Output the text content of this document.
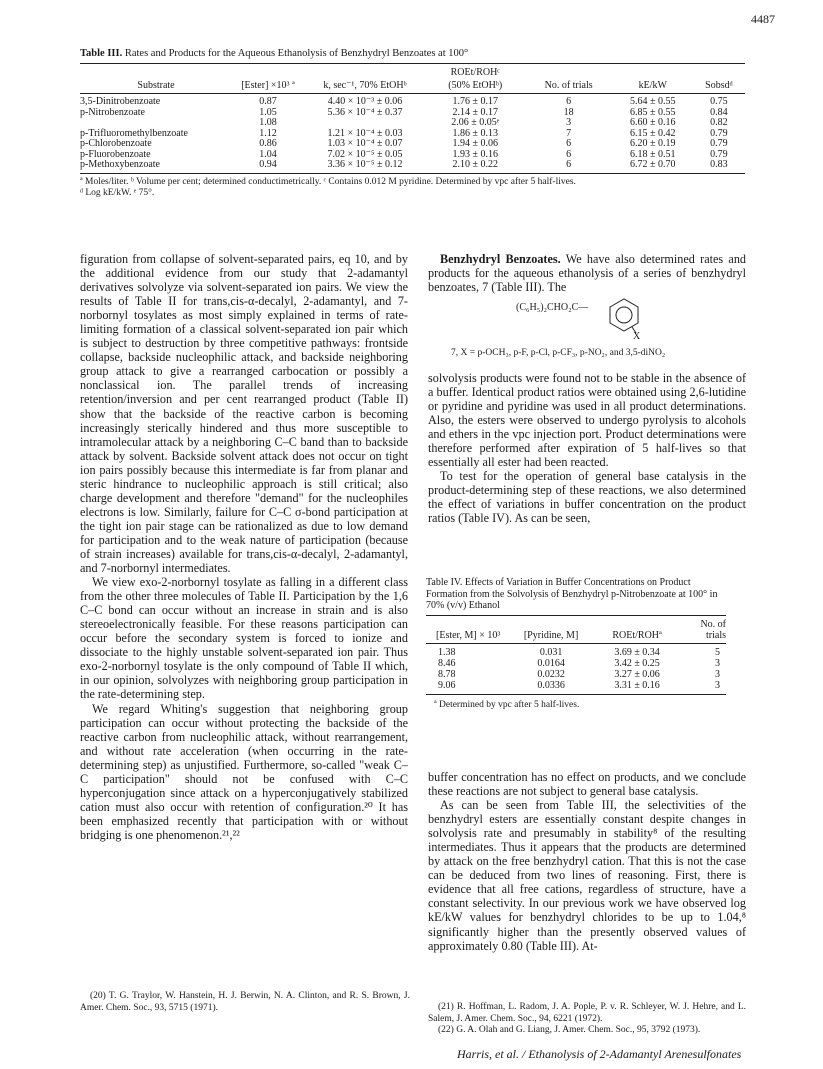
4487
Table III. Rates and Products for the Aqueous Ethanolysis of Benzhydryl Benzoates at 100°
			ROEt/ROHᶜ			
Substrate	[Ester] ×10³ ª	k, sec⁻¹, 70% EtOHᵇ	(50% EtOHᵇ)	No. of trials	kE/kW	Sobsdᵈ
3,5-Dinitrobenzoate	0.87	4.40 × 10⁻³ ± 0.06	1.76 ± 0.17	6	5.64 ± 0.55	0.75
p-Nitrobenzoate	1.05	5.36 × 10⁻⁴ ± 0.37	2.14 ± 0.17	18	6.85 ± 0.55	0.84
	1.08		2.06 ± 0.05ᵉ	3	6.60 ± 0.16	0.82
p-Trifluoromethylbenzoate	1.12	1.21 × 10⁻⁴ ± 0.03	1.86 ± 0.13	7	6.15 ± 0.42	0.79
p-Chlorobenzoate	0.86	1.03 × 10⁻⁴ ± 0.07	1.94 ± 0.06	6	6.20 ± 0.19	0.79
p-Fluorobenzoate	1.04	7.02 × 10⁻⁵ ± 0.05	1.93 ± 0.16	6	6.18 ± 0.51	0.79
p-Methoxybenzoate	0.94	3.36 × 10⁻⁵ ± 0.12	2.10 ± 0.22	6	6.72 ± 0.70	0.83
ª Moles/liter. ᵇ Volume per cent; determined conductimetrically. ᶜ Contains 0.012 M pyridine. Determined by vpc after 5 half-lives.
ᵈ Log kE/kW. ᵉ 75°.

figuration from collapse of solvent-separated pairs, eq 10, and by the additional evidence from our study that 2-adamantyl derivatives solvolyze via solvent-separated ion pairs. We view the results of Table II for trans,cis-α-decalyl, 2-adamantyl, and 7-norbornyl tosylates as most simply explained in terms of rate-limiting formation of a classical solvent-separated ion pair which is subject to destruction by three competitive pathways: frontside collapse, backside nucleophilic attack, and backside neighboring group attack to give a rearranged carbocation or possibly a nonclassical ion. The parallel trends of increasing retention/inversion and per cent rearranged product (Table II) show that the backside of the reactive carbon is becoming increasingly sterically hindered and thus more susceptible to intramolecular attack by a neighboring C–C band than to backside attack by solvent. Backside solvent attack does not occur on tight ion pairs possibly because this intermediate is far from planar and steric hindrance to nucleophilic approach is still critical; also charge development and therefore "demand" for the nucleophiles electrons is low. Similarly, failure for C–C σ-bond participation at the tight ion pair stage can be rationalized as due to low demand for participation and to the weak nature of participation (because of strain increases) available for trans,cis-α-decalyl, 2-adamantyl, and 7-norbornyl intermediates.

We view exo-2-norbornyl tosylate as falling in a different class from the other three molecules of Table II. Participation by the 1,6 C–C bond can occur without an increase in strain and is also stereoelectronically feasible. For these reasons participation can occur before the secondary system is forced to ionize and dissociate to the highly unstable solvent-separated ion pair. Thus exo-2-norbornyl tosylate is the only compound of Table II which, in our opinion, solvolyzes with neighboring group participation in the rate-determining step.

We regard Whiting's suggestion that neighboring group participation can occur without protecting the backside of the reactive carbon from nucleophilic attack, without rearrangement, and without rate acceleration (when occurring in the rate-determining step) as unjustified. Furthermore, so-called "weak C–C participation" should not be confused with C–C hyperconjugation since attack on a hyperconjugatively stabilized cation must also occur with retention of configuration.²⁰ It has been emphasized recently that participation with or without bridging is one phenomenon.²¹,²²

Benzhydryl Benzoates. We have also determined rates and products for the aqueous ethanolysis of a series of benzhydryl benzoates, 7 (Table III). The

(C₆H₅)₂CHO₂C—
X
7, X = p-OCH₃, p-F, p-Cl, p-CF₃, p-NO₂, and 3,5-diNO₂

solvolysis products were found not to be stable in the absence of a buffer. Identical product ratios were obtained using 2,6-lutidine or pyridine and pyridine was used in all product determinations. Also, the esters were observed to undergo pyrolysis to alcohols and ethers in the vpc injection port. Product determinations were therefore performed after expiration of 5 half-lives so that essentially all ester had been reacted.

To test for the operation of general base catalysis in the product-determining step of these reactions, we also determined the effect of variations in buffer concentration on the product ratios (Table IV). As can be seen,

Table IV. Effects of Variation in Buffer Concentrations on Product Formation from the Solvolysis of Benzhydryl p-Nitrobenzoate at 100° in 70% (v/v) Ethanol
[Ester, M] × 10³	[Pyridine, M]	ROEt/ROHª	No. of trials
1.38	0.031	3.69 ± 0.34	5
8.46	0.0164	3.42 ± 0.25	3
8.78	0.0232	3.27 ± 0.06	3
9.06	0.0336	3.31 ± 0.16	3
ª Determined by vpc after 5 half-lives.

buffer concentration has no effect on products, and we conclude these reactions are not subject to general base catalysis.

As can be seen from Table III, the selectivities of the benzhydryl esters are essentially constant despite changes in solvolysis rate and presumably in stability⁸ of the resulting intermediates. Thus it appears that the products are determined by attack on the free benzhydryl cation. That this is not the case can be deduced from two lines of reasoning. First, there is evidence that all free cations, regardless of structure, have a constant selectivity. In our previous work we have observed log kE/kW values for benzhydryl chlorides to be up to 1.04,⁸ significantly higher than the presently observed values of approximately 0.80 (Table III). At-

(20) T. G. Traylor, W. Hanstein, H. J. Berwin, N. A. Clinton, and R. S. Brown, J. Amer. Chem. Soc., 93, 5715 (1971).	(21) R. Hoffman, L. Radom, J. A. Pople, P. v. R. Schleyer, W. J. Hehre, and L. Salem, J. Amer. Chem. Soc., 94, 6221 (1972).

(22) G. A. Olah and G. Liang, J. Amer. Chem. Soc., 95, 3792 (1973).

Harris, et al. / Ethanolysis of 2-Adamantyl Arenesulfonates
